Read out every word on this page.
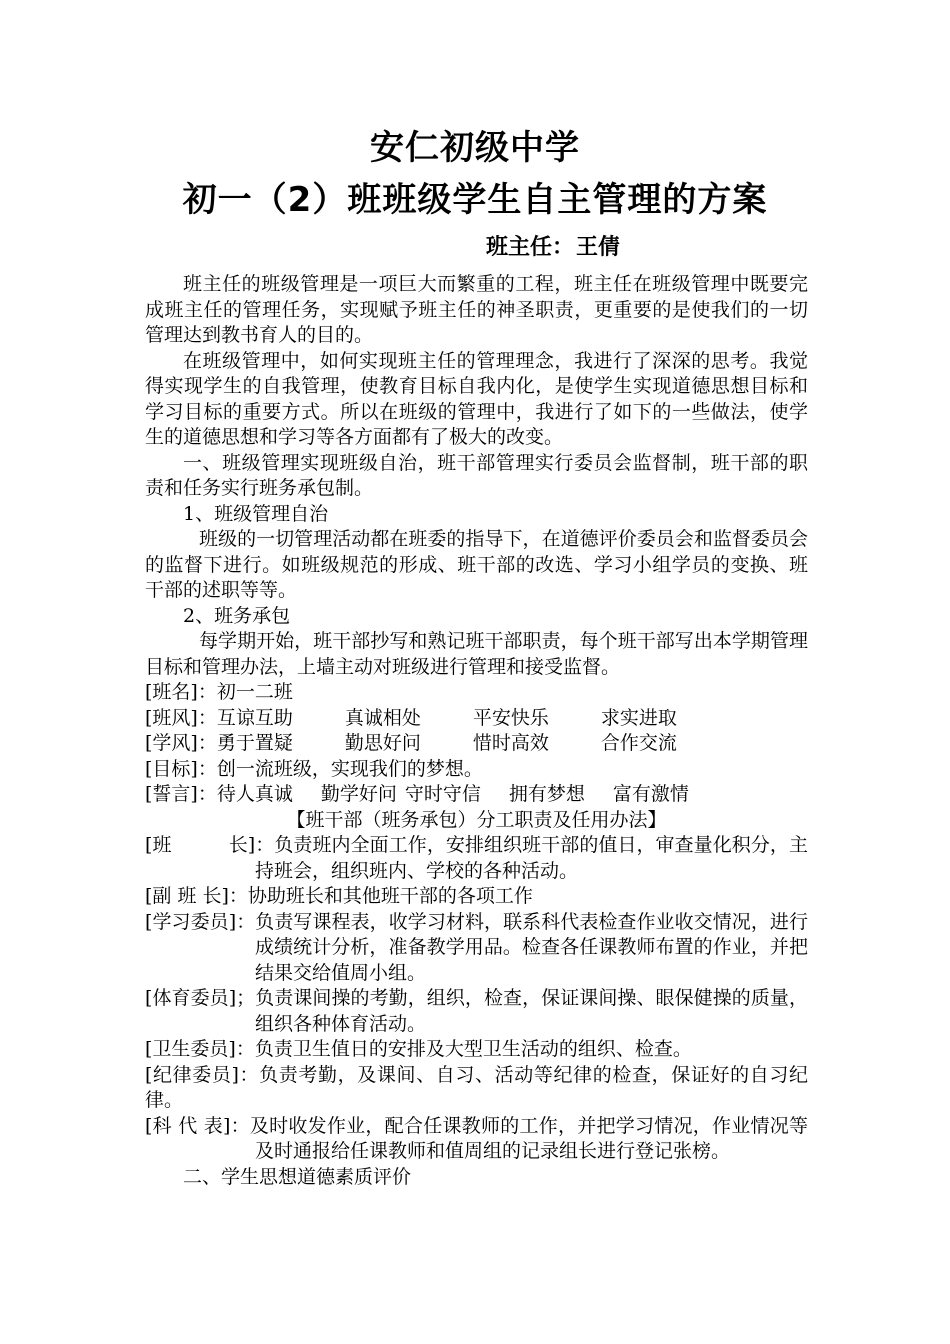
安仁初级中学
初一（2）班班级学生自主管理的方案
班主任：王倩

班主任的班级管理是一项巨大而繁重的工程，班主任在班级管理中既要完成班主任的管理任务，实现赋予班主任的神圣职责，更重要的是使我们的一切管理达到教书育人的目的。

在班级管理中，如何实现班主任的管理理念，我进行了深深的思考。我觉得实现学生的自我管理，使教育目标自我内化，是使学生实现道德思想目标和学习目标的重要方式。所以在班级的管理中，我进行了如下的一些做法，使学生的道德思想和学习等各方面都有了极大的改变。

一、班级管理实现班级自治，班干部管理实行委员会监督制，班干部的职责和任务实行班务承包制。

1、班级管理自治

班级的一切管理活动都在班委的指导下，在道德评价委员会和监督委员会的监督下进行。如班级规范的形成、班干部的改选、学习小组学员的变换、班干部的述职等等。

2、班务承包

每学期开始，班干部抄写和熟记班干部职责，每个班干部写出本学期管理目标和管理办法，上墙主动对班级进行管理和接受监督。

[班名]：初一二班

[班风]：互谅互助	真诚相处	平安快乐	求实进取

[学风]：勇于置疑	勤思好问	惜时高效	合作交流

[目标]：创一流班级，实现我们的梦想。

[誓言]：待人真诚 勤学好问 守时守信 拥有梦想 富有激情

【班干部（班务承包）分工职责及任用办法】

[班　　　长]：负责班内全面工作，安排组织班干部的值日，审查量化积分，主持班会，组织班内、学校的各种活动。

[副 班 长]：协助班长和其他班干部的各项工作

[学习委员]：负责写课程表，收学习材料，联系科代表检查作业收交情况，进行成绩统计分析，准备教学用品。检查各任课教师布置的作业，并把结果交给值周小组。

[体育委员]；负责课间操的考勤，组织，检查，保证课间操、眼保健操的质量，组织各种体育活动。

[卫生委员]：负责卫生值日的安排及大型卫生活动的组织、检查。

[纪律委员]：负责考勤，及课间、自习、活动等纪律的检查，保证好的自习纪律。

[科 代 表]：及时收发作业，配合任课教师的工作，并把学习情况，作业情况等及时通报给任课教师和值周组的记录组长进行登记张榜。

二、学生思想道德素质评价
